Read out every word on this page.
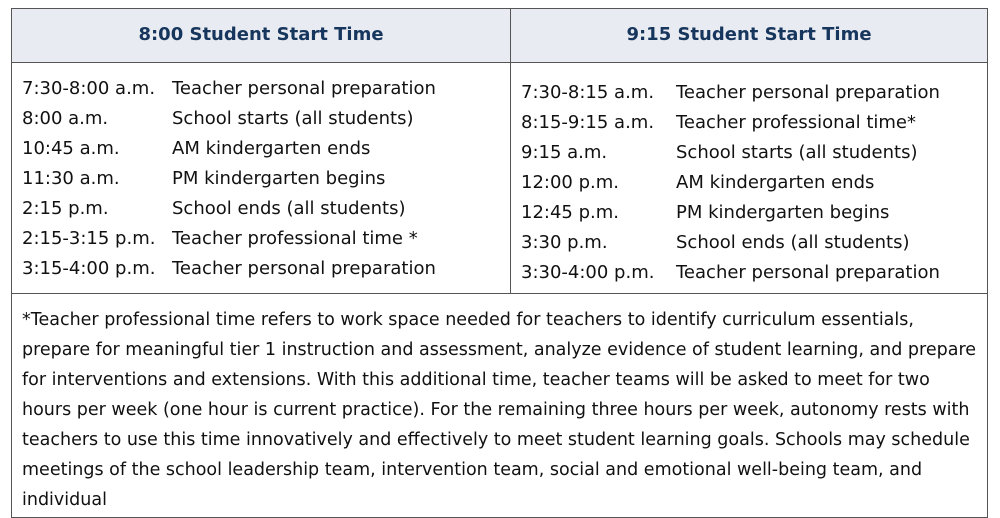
8:00 Student Start Time	9:15 Student Start Time
7:30-8:00 a.m. Teacher personal preparation
8:00 a.m.	School starts (all students)
10:45 a.m.	AM kindergarten ends
11:30 a.m.	PM kindergarten begins
2:15 p.m.	School ends (all students)
2:15-3:15 p.m. Teacher professional time *
3:15-4:00 p.m. Teacher personal preparation
7:30-8:15 a.m. Teacher personal preparation
8:15-9:15 a.m. Teacher professional time*
9:15 a.m.	School starts (all students)
12:00 p.m.	AM kindergarten ends
12:45 p.m.	PM kindergarten begins
3:30 p.m.	School ends (all students)
3:30-4:00 p.m. Teacher personal preparation

*Teacher professional time refers to work space needed for teachers to identify curriculum essentials, prepare for meaningful tier 1 instruction and assessment, analyze evidence of student learning, and prepare for interventions and extensions. With this additional time, teacher teams will be asked to meet for two hours per week (one hour is current practice). For the remaining three hours per week, autonomy rests with teachers to use this time innovatively and effectively to meet student learning goals. Schools may schedule meetings of the school leadership team, intervention team, social and emotional well-being team, and individual
